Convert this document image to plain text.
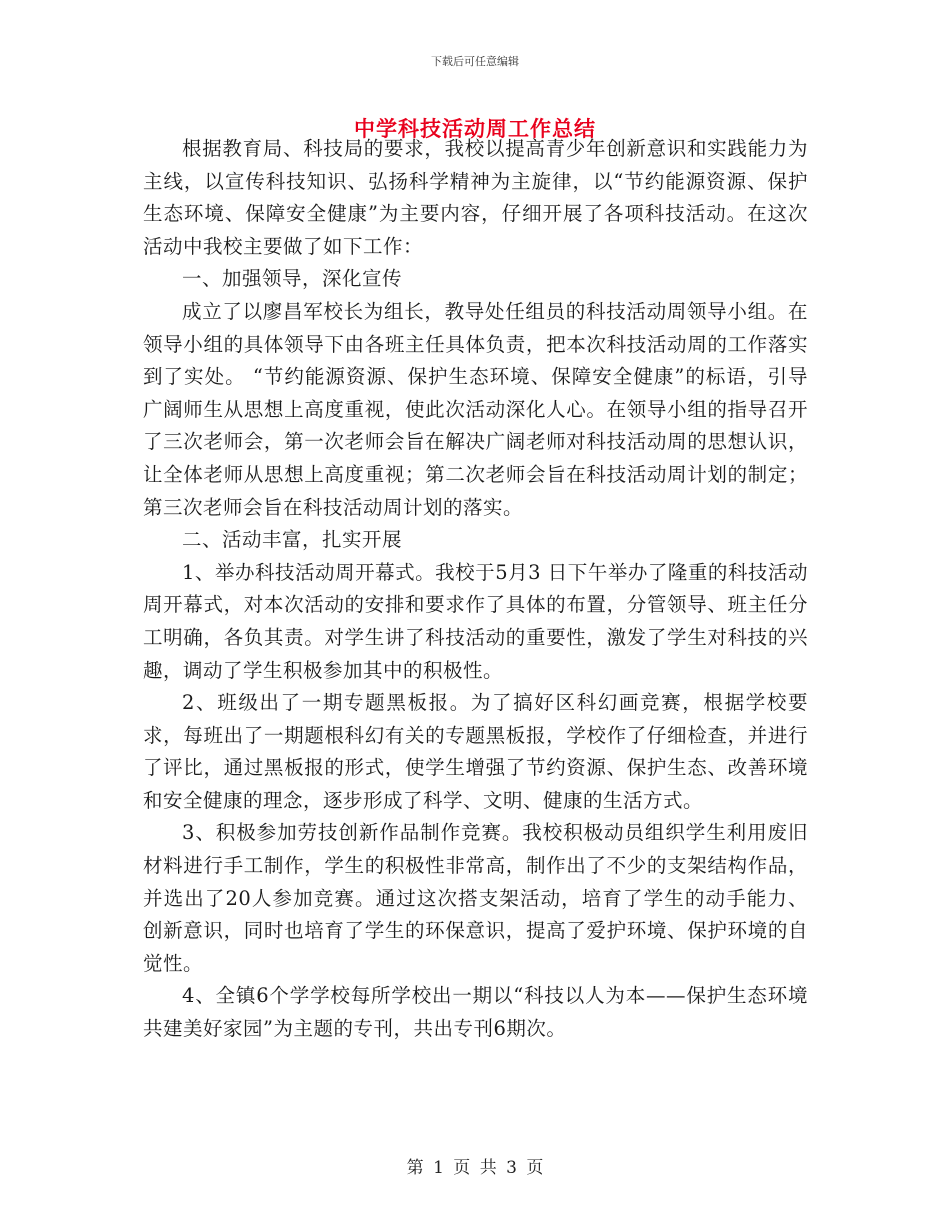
下载后可任意编辑
中学科技活动周工作总结

根据教育局、科技局的要求，我校以提高青少年创新意识和实践能力为主线，以宣传科技知识、弘扬科学精神为主旋律，以“节约能源资源、保护生态环境、保障安全健康”为主要内容，仔细开展了各项科技活动。在这次活动中我校主要做了如下工作：

一、加强领导，深化宣传

成立了以廖昌军校长为组长，教导处任组员的科技活动周领导小组。在领导小组的具体领导下由各班主任具体负责，把本次科技活动周的工作落实到了实处。 “节约能源资源、保护生态环境、保障安全健康”的标语，引导广阔师生从思想上高度重视，使此次活动深化人心。在领导小组的指导召开了三次老师会，第一次老师会旨在解决广阔老师对科技活动周的思想认识，让全体老师从思想上高度重视；第二次老师会旨在科技活动周计划的制定；第三次老师会旨在科技活动周计划的落实。

二、活动丰富，扎实开展

1、举办科技活动周开幕式。我校于5月3 日下午举办了隆重的科技活动周开幕式，对本次活动的安排和要求作了具体的布置，分管领导、班主任分工明确，各负其责。对学生讲了科技活动的重要性，激发了学生对科技的兴趣，调动了学生积极参加其中的积极性。

2、班级出了一期专题黑板报。为了搞好区科幻画竞赛，根据学校要求，每班出了一期题根科幻有关的专题黑板报，学校作了仔细检查，并进行了评比，通过黑板报的形式，使学生增强了节约资源、保护生态、改善环境和安全健康的理念，逐步形成了科学、文明、健康的生活方式。

3、积极参加劳技创新作品制作竞赛。我校积极动员组织学生利用废旧材料进行手工制作，学生的积极性非常高，制作出了不少的支架结构作品，并选出了20人参加竞赛。通过这次搭支架活动，培育了学生的动手能力、创新意识，同时也培育了学生的环保意识，提高了爱护环境、保护环境的自觉性。

4、全镇6个学学校每所学校出一期以“科技以人为本——保护生态环境 共建美好家园”为主题的专刊，共出专刊6期次。

第 1 页 共 3 页
